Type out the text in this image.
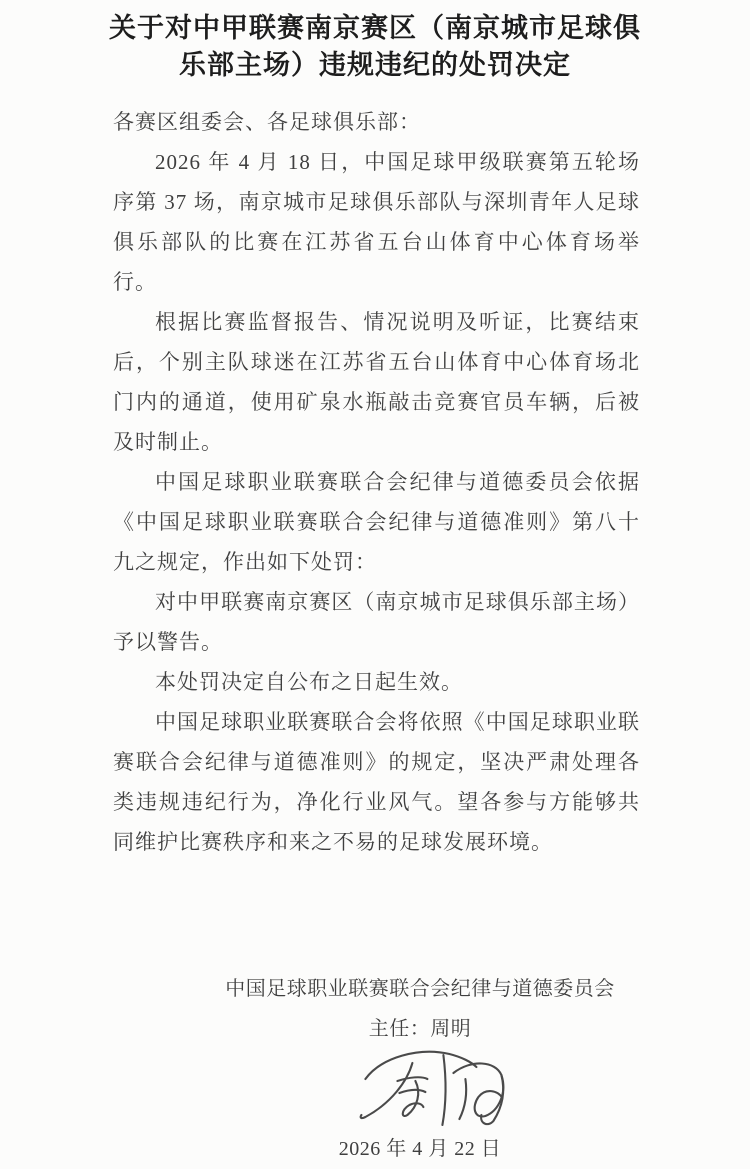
关于对中甲联赛南京赛区（南京城市足球俱乐部主场）违规违纪的处罚决定

各赛区组委会、各足球俱乐部：

2026 年 4 月 18 日，中国足球甲级联赛第五轮场序第 37 场，南京城市足球俱乐部队与深圳青年人足球俱乐部队的比赛在江苏省五台山体育中心体育场举行。

根据比赛监督报告、情况说明及听证，比赛结束后，个别主队球迷在江苏省五台山体育中心体育场北门内的通道，使用矿泉水瓶敲击竞赛官员车辆，后被及时制止。

中国足球职业联赛联合会纪律与道德委员会依据《中国足球职业联赛联合会纪律与道德准则》第八十九之规定，作出如下处罚：

对中甲联赛南京赛区（南京城市足球俱乐部主场）予以警告。

本处罚决定自公布之日起生效。

中国足球职业联赛联合会将依照《中国足球职业联赛联合会纪律与道德准则》的规定，坚决严肃处理各类违规违纪行为，净化行业风气。望各参与方能够共同维护比赛秩序和来之不易的足球发展环境。

中国足球职业联赛联合会纪律与道德委员会

主任：周明

2026 年 4 月 22 日
